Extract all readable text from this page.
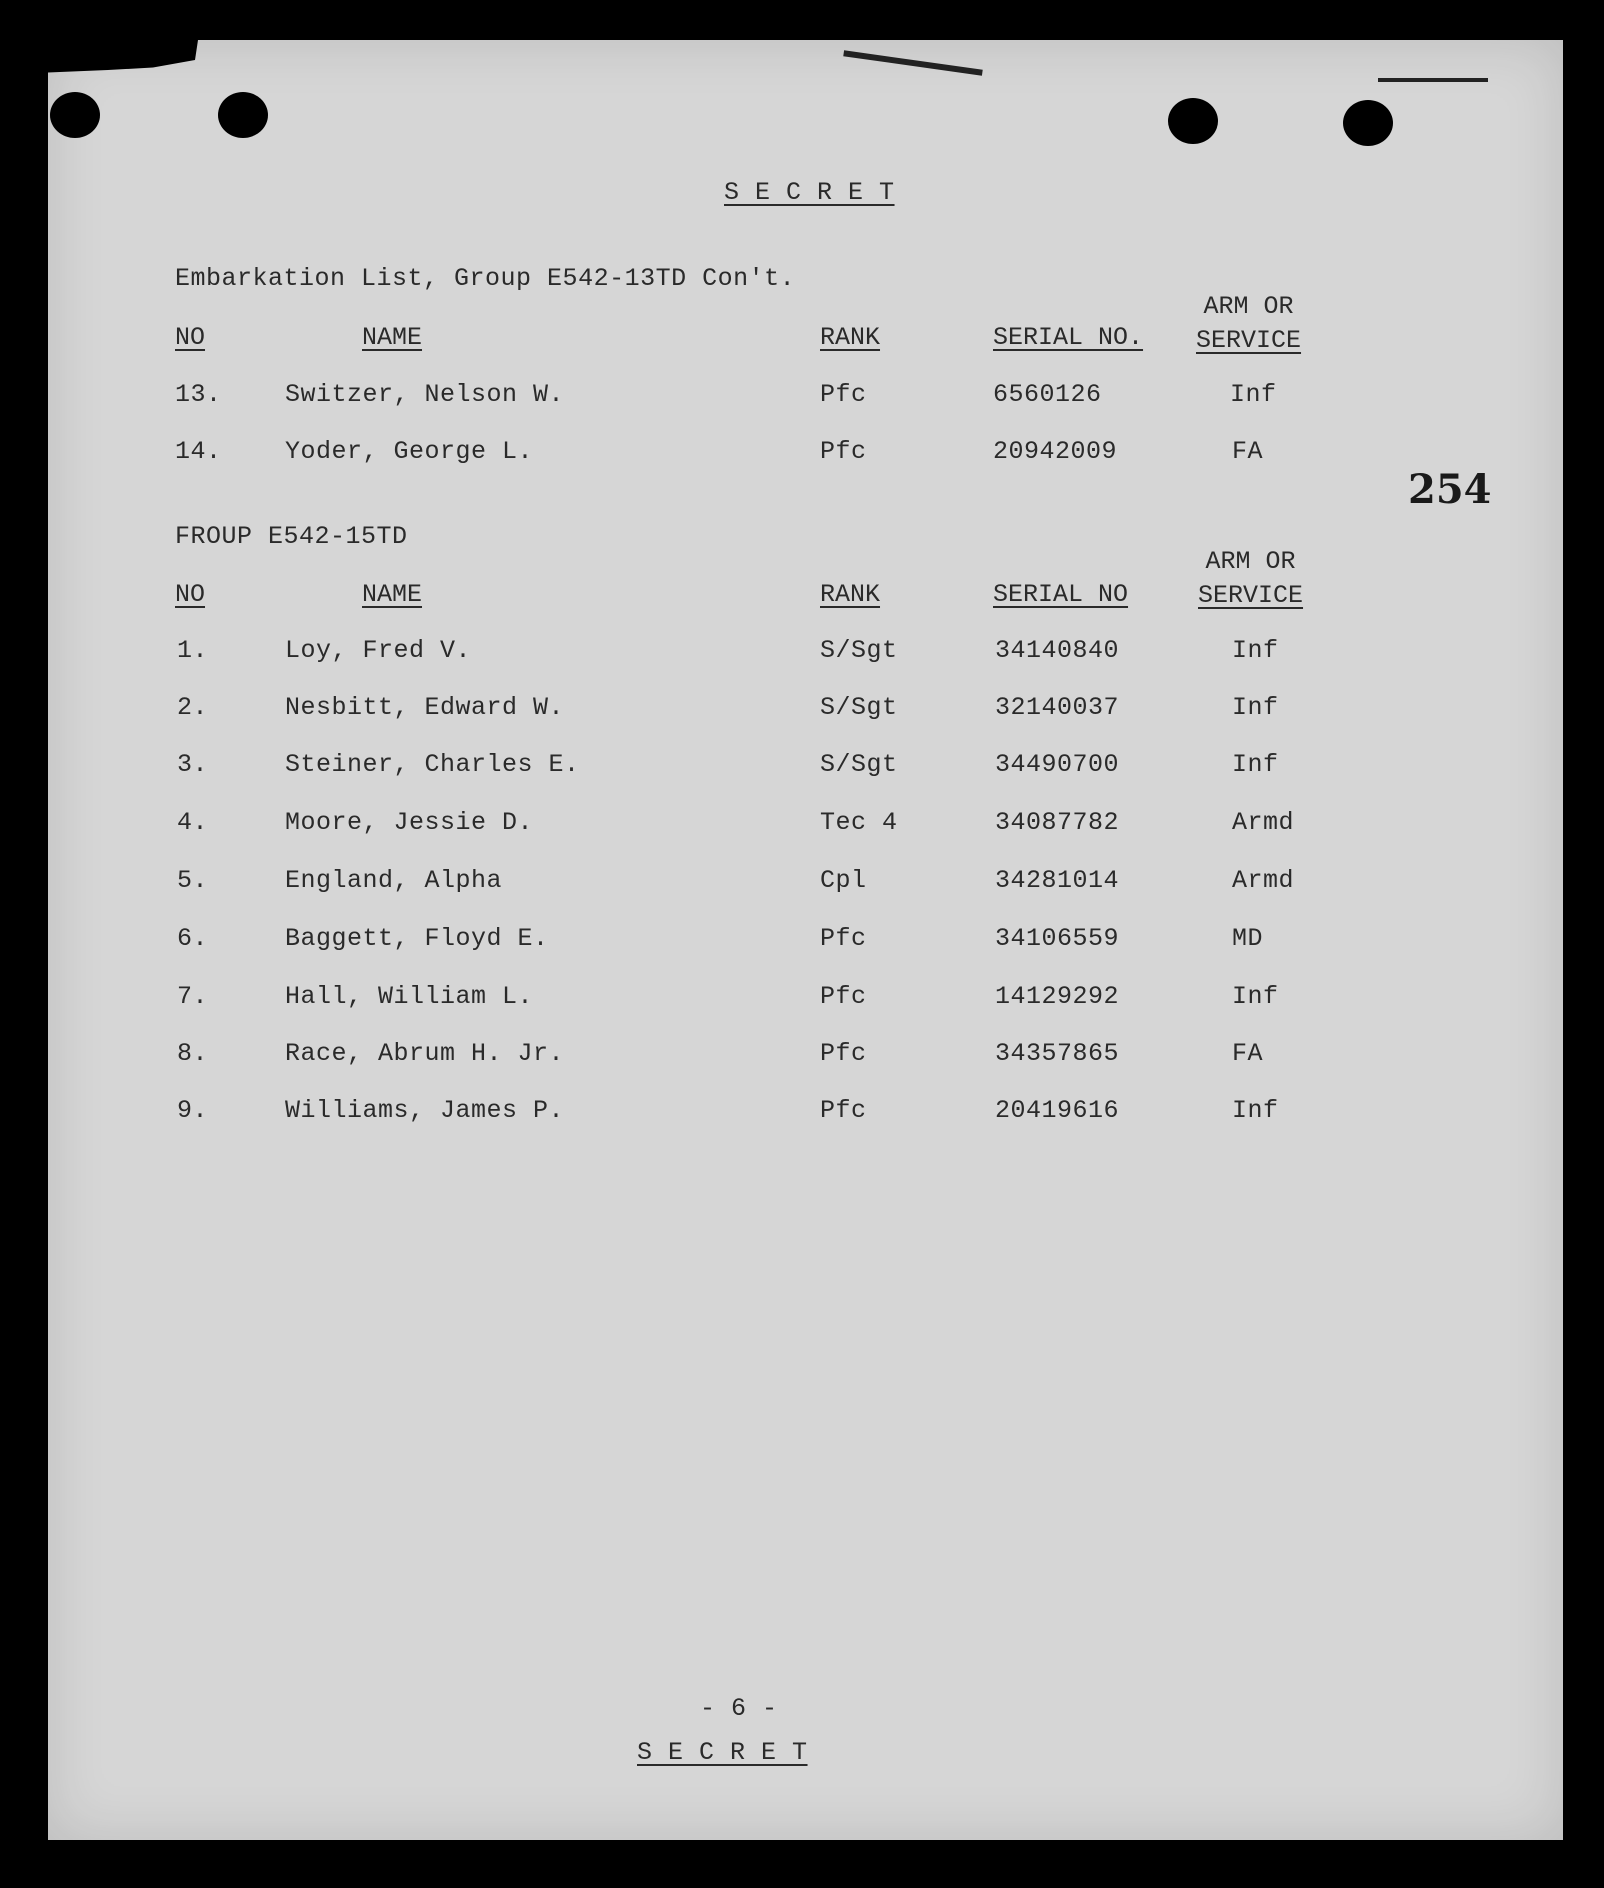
S E C R E T
Embarkation List, Group E542-13TD Con't.
NO	NAME	RANK	SERIAL NO.
ARM OR
SERVICE
13.	Switzer, Nelson W.	Pfc	6560126	Inf
14.	Yoder, George L.	Pfc	20942009	FA
254
FROUP E542-15TD
NO	NAME	RANK	SERIAL NO
ARM OR
SERVICE
1.	Loy, Fred V.	S/Sgt	34140840	Inf
2.	Nesbitt, Edward W.	S/Sgt	32140037	Inf
3.	Steiner, Charles E.	S/Sgt	34490700	Inf
4.	Moore, Jessie D.	Tec 4	34087782	Armd
5.	England, Alpha	Cpl	34281014	Armd
6.	Baggett, Floyd E.	Pfc	34106559	MD
7.	Hall, William L.	Pfc	14129292	Inf
8.	Race, Abrum H. Jr.	Pfc	34357865	FA
9.	Williams, James P.	Pfc	20419616	Inf
- 6 -
S E C R E T
